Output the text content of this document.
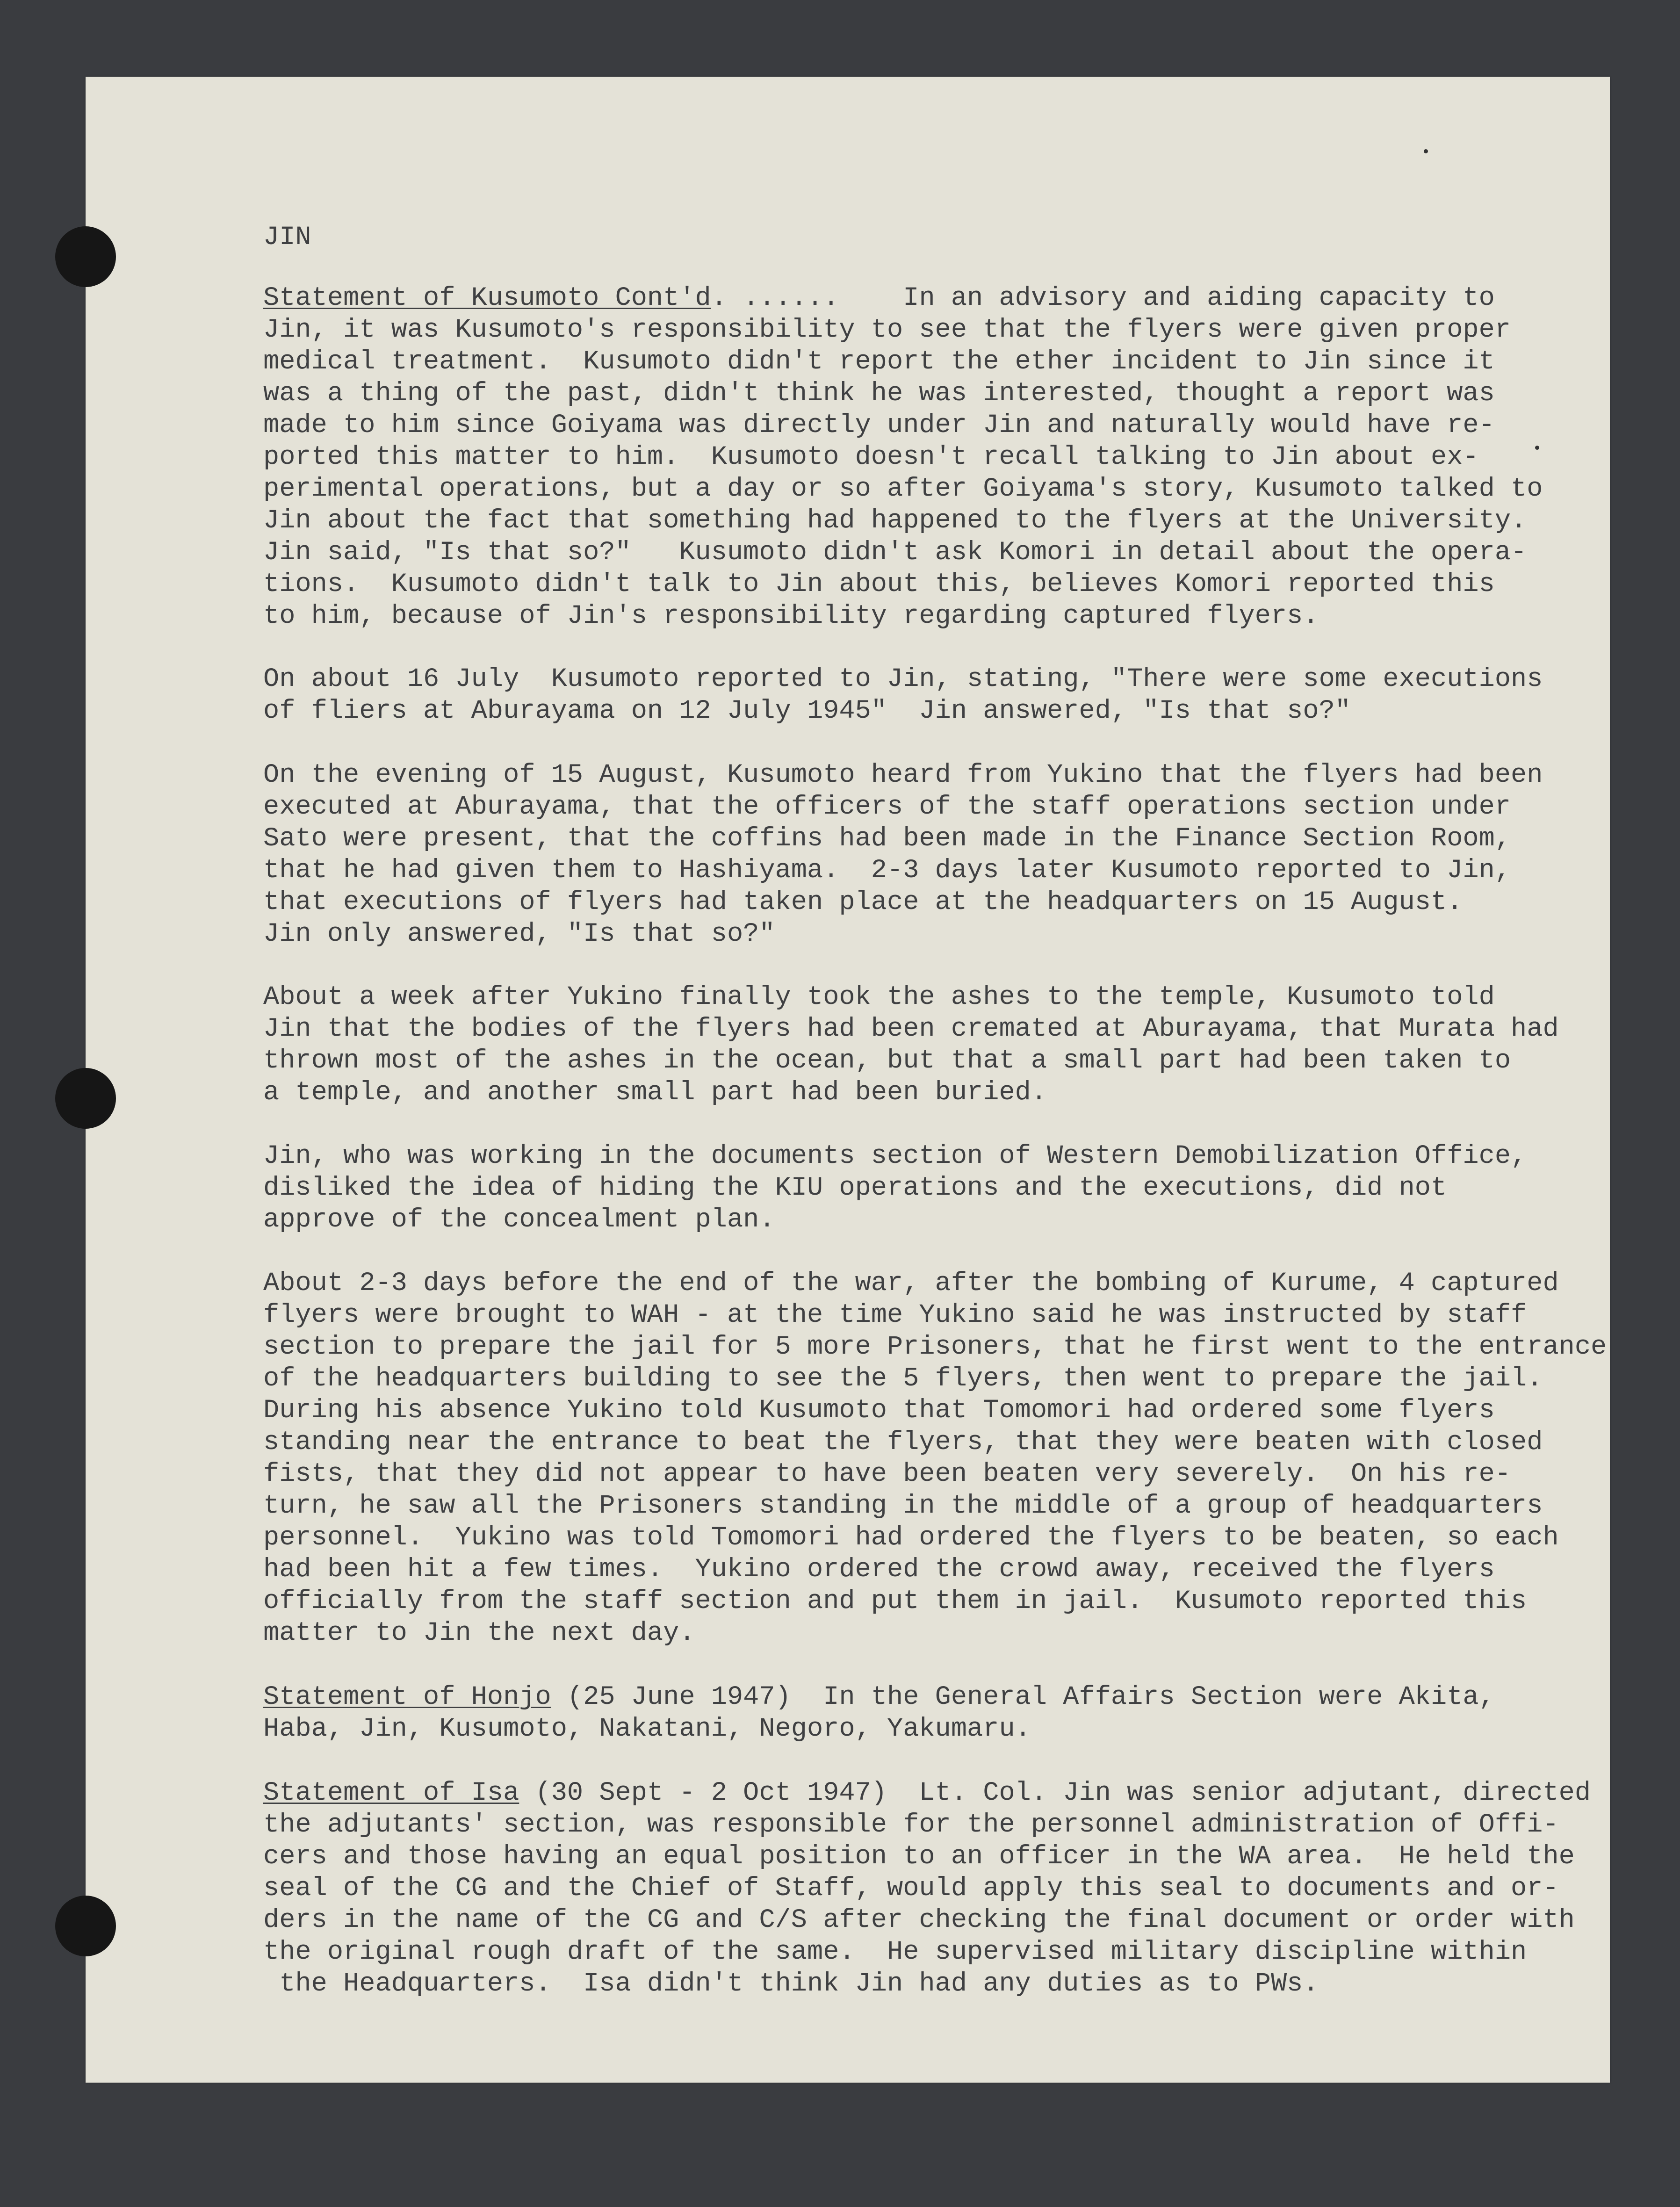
JIN

Statement of Kusumoto Cont'd. ......    In an advisory and aiding capacity to

Jin, it was Kusumoto's responsibility to see that the flyers were given proper

medical treatment.  Kusumoto didn't report the ether incident to Jin since it

was a thing of the past, didn't think he was interested, thought a report was

made to him since Goiyama was directly under Jin and naturally would have re-

ported this matter to him.  Kusumoto doesn't recall talking to Jin about ex-

perimental operations, but a day or so after Goiyama's story, Kusumoto talked to

Jin about the fact that something had happened to the flyers at the University.

Jin said, "Is that so?"   Kusumoto didn't ask Komori in detail about the opera-

tions.  Kusumoto didn't talk to Jin about this, believes Komori reported this

to him, because of Jin's responsibility regarding captured flyers.

On about 16 July  Kusumoto reported to Jin, stating, "There were some executions

of fliers at Aburayama on 12 July 1945"  Jin answered, "Is that so?"

On the evening of 15 August, Kusumoto heard from Yukino that the flyers had been

executed at Aburayama, that the officers of the staff operations section under

Sato were present, that the coffins had been made in the Finance Section Room,

that he had given them to Hashiyama.  2-3 days later Kusumoto reported to Jin,

that executions of flyers had taken place at the headquarters on 15 August.

Jin only answered, "Is that so?"

About a week after Yukino finally took the ashes to the temple, Kusumoto told

Jin that the bodies of the flyers had been cremated at Aburayama, that Murata had

thrown most of the ashes in the ocean, but that a small part had been taken to

a temple, and another small part had been buried.

Jin, who was working in the documents section of Western Demobilization Office,

disliked the idea of hiding the KIU operations and the executions, did not

approve of the concealment plan.

About 2-3 days before the end of the war, after the bombing of Kurume, 4 captured

flyers were brought to WAH - at the time Yukino said he was instructed by staff

section to prepare the jail for 5 more Prisoners, that he first went to the entrance

of the headquarters building to see the 5 flyers, then went to prepare the jail.

During his absence Yukino told Kusumoto that Tomomori had ordered some flyers

standing near the entrance to beat the flyers, that they were beaten with closed

fists, that they did not appear to have been beaten very severely.  On his re-

turn, he saw all the Prisoners standing in the middle of a group of headquarters

personnel.  Yukino was told Tomomori had ordered the flyers to be beaten, so each

had been hit a few times.  Yukino ordered the crowd away, received the flyers

officially from the staff section and put them in jail.  Kusumoto reported this

matter to Jin the next day.

Statement of Honjo (25 June 1947)  In the General Affairs Section were Akita,

Haba, Jin, Kusumoto, Nakatani, Negoro, Yakumaru.

Statement of Isa (30 Sept - 2 Oct 1947)  Lt. Col. Jin was senior adjutant, directed

the adjutants' section, was responsible for the personnel administration of Offi-

cers and those having an equal position to an officer in the WA area.  He held the

seal of the CG and the Chief of Staff, would apply this seal to documents and or-

ders in the name of the CG and C/S after checking the final document or order with

the original rough draft of the same.  He supervised military discipline within

the Headquarters.  Isa didn't think Jin had any duties as to PWs.
